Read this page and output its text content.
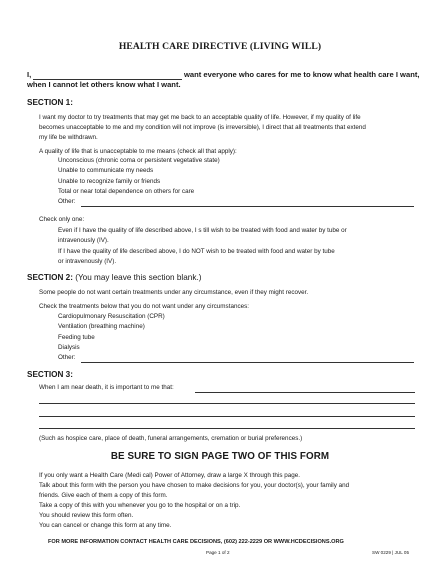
HEALTH CARE DIRECTIVE (LIVING WILL)
I,	want everyone who cares for me to know what health care I want,
when I cannot let others know what I want.
SECTION 1:
I want my doctor to try treatments that may get me back to an acceptable quality of life. However, if my quality of life
becomes unacceptable to me and my condition will not improve (is irreversible), I direct that all treatments that extend
my life be withdrawn.
A quality of life that is unacceptable to me means (check all that apply):
Unconscious (chronic coma or persistent vegetative state)
Unable to communicate my needs
Unable to recognize family or friends
Total or near total dependence on others for care
Other:
Check only one:
Even if I have the quality of life described above, I s till wish to be treated with food and water by tube or
intravenously (IV).
If I have the quality of life described above, I do NOT wish to be treated with food and water by tube
or intravenously (IV).
SECTION 2: (You may leave this section blank.)
Some people do not want certain treatments under any circumstance, even if they might recover.
Check the treatments below that you do not want under any circumstances:
Cardiopulmonary Resuscitation (CPR)
Ventilation (breathing machine)
Feeding tube
Dialysis
Other:
SECTION 3:
When I am near death, it is important to me that:
(Such as hospice care, place of death, funeral arrangements, cremation or burial preferences.)
BE SURE TO SIGN PAGE TWO OF THIS FORM
If you only want a Health Care (Medi cal) Power of Attorney, draw a large X through this page.
Talk about this form with the person you have chosen to make decisions for you, your doctor(s), your family and
friends. Give each of them a copy of this form.
Take a copy of this with you whenever you go to the hospital or on a trip.
You should review this form often.
You can cancel or change this form at any time.
FOR MORE INFORMATION CONTACT HEALTH CARE DECISIONS, (602) 222-2229 OR WWW.HCDECISIONS.ORG
Page 1 of 2	SW 0229 | JUL 05
